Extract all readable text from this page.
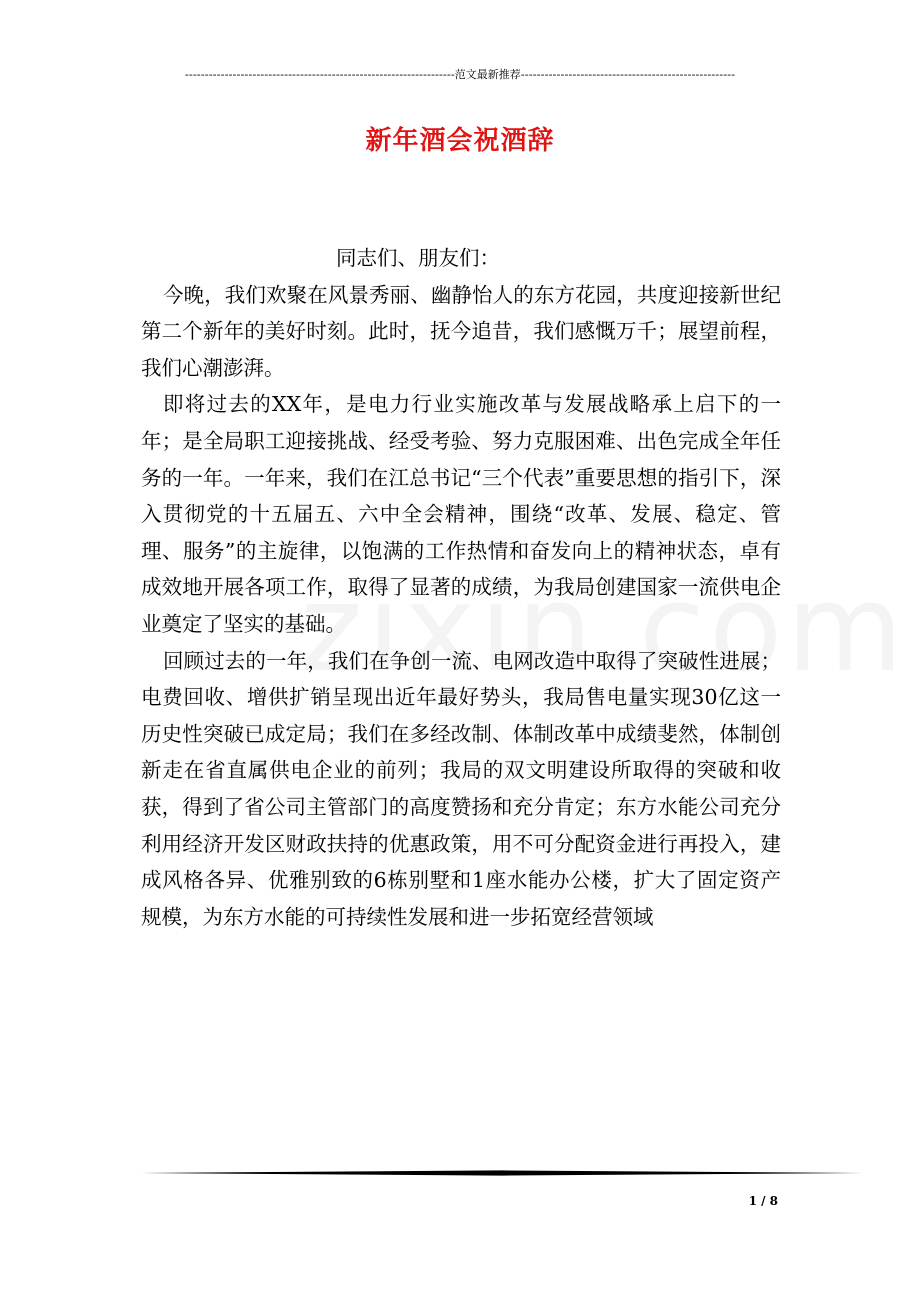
--------------------------------------------------------------------范文最新推荐------------------------------------------------------
新年酒会祝酒辞

同志们、朋友们：

今晚，我们欢聚在风景秀丽、幽静怡人的东方花园，共度迎接新世纪第二个新年的美好时刻。此时，抚今追昔，我们感慨万千；展望前程，我们心潮澎湃。

即将过去的XX年，是电力行业实施改革与发展战略承上启下的一年；是全局职工迎接挑战、经受考验、努力克服困难、出色完成全年任务的一年。一年来，我们在江总书记“三个代表”重要思想的指引下，深入贯彻党的十五届五、六中全会精神，围绕“改革、发展、稳定、管理、服务”的主旋律，以饱满的工作热情和奋发向上的精神状态，卓有成效地开展各项工作，取得了显著的成绩，为我局创建国家一流供电企业奠定了坚实的基础。

回顾过去的一年，我们在争创一流、电网改造中取得了突破性进展；电费回收、增供扩销呈现出近年最好势头，我局售电量实现30亿这一历史性突破已成定局；我们在多经改制、体制改革中成绩斐然，体制创新走在省直属供电企业的前列；我局的双文明建设所取得的突破和收获，得到了省公司主管部门的高度赞扬和充分肯定；东方水能公司充分利用经济开发区财政扶持的优惠政策，用不可分配资金进行再投入，建成风格各异、优雅别致的6栋别墅和1座水能办公楼，扩大了固定资产规模，为东方水能的可持续性发展和进一步拓宽经营领域

1 / 8
